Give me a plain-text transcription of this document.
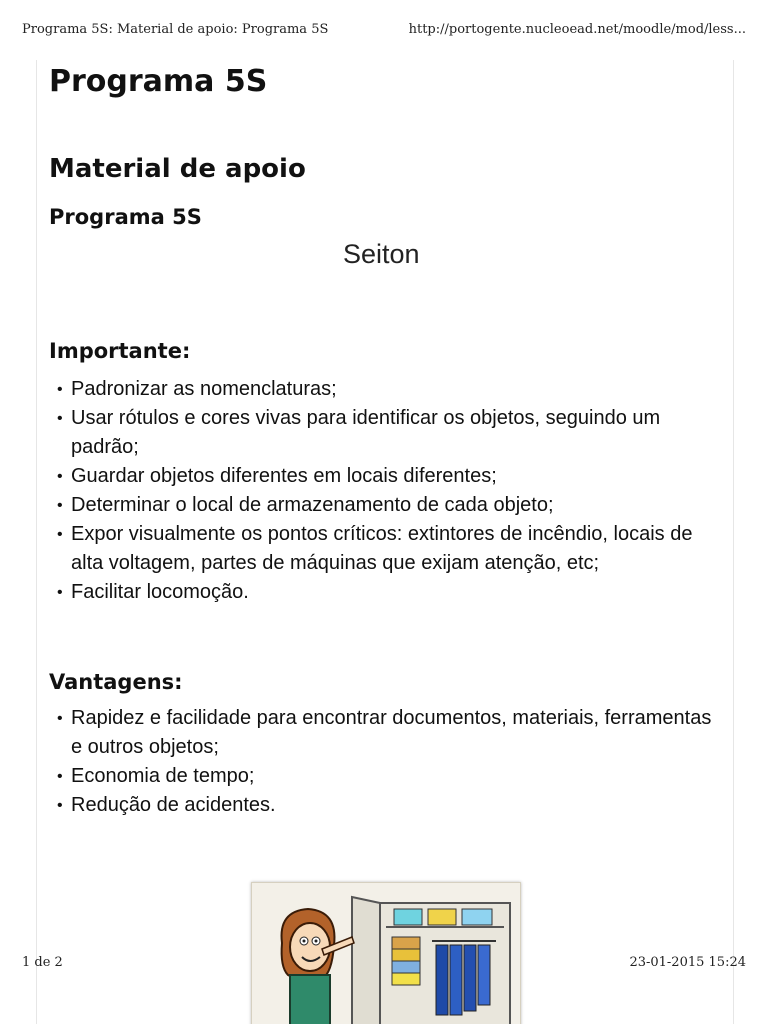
Programa 5S: Material de apoio: Programa 5S	http://portogente.nucleoead.net/moodle/mod/less...
Programa 5S
Material de apoio
Programa 5S
Seiton
Importante:
• Padronizar as nomenclaturas;
• Usar rótulos e cores vivas para identificar os objetos, seguindo um padrão;
• Guardar objetos diferentes em locais diferentes;
• Determinar o local de armazenamento de cada objeto;
• Expor visualmente os pontos críticos: extintores de incêndio, locais de alta voltagem, partes de máquinas que exijam atenção, etc;
• Facilitar locomoção.
Vantagens:
• Rapidez e facilidade para encontrar documentos, materiais, ferramentas e outros objetos;
• Economia de tempo;
• Redução de acidentes.
1 de 2	23-01-2015 15:24
